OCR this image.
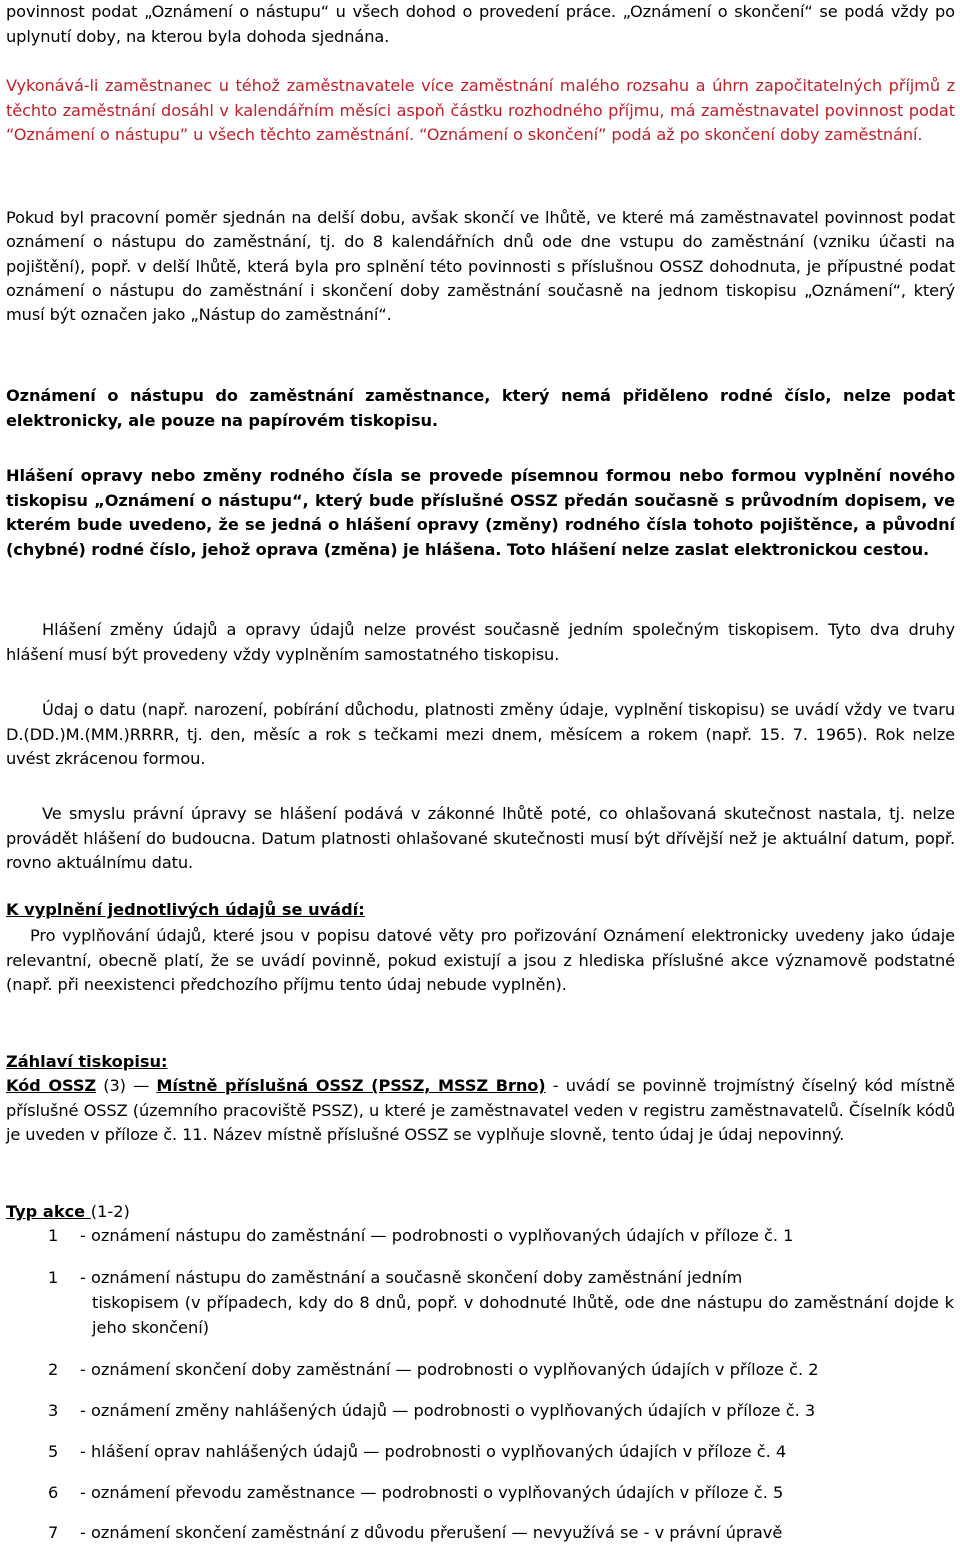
povinnost podat „Oznámení o nástupu“ u všech dohod o provedení práce. „Oznámení o skončení“ se podá vždy po uplynutí doby, na kterou byla dohoda sjednána.

Vykonává-li zaměstnanec u téhož zaměstnavatele více zaměstnání malého rozsahu a úhrn započitatelných příjmů z těchto zaměstnání dosáhl v kalendářním měsíci aspoň částku rozhodného příjmu, má zaměstnavatel povinnost podat “Oznámení o nástupu” u všech těchto zaměstnání. “Oznámení o skončení” podá až po skončení doby zaměstnání.

Pokud byl pracovní poměr sjednán na delší dobu, avšak skončí ve lhůtě, ve které má zaměstnavatel povinnost podat oznámení o nástupu do zaměstnání, tj. do 8 kalendářních dnů ode dne vstupu do zaměstnání (vzniku účasti na pojištění), popř. v delší lhůtě, která byla pro splnění této povinnosti s příslušnou OSSZ dohodnuta, je přípustné podat oznámení o nástupu do zaměstnání i skončení doby zaměstnání současně na jednom tiskopisu „Oznámení“, který musí být označen jako „Nástup do zaměstnání“.

Oznámení o nástupu do zaměstnání zaměstnance, který nemá přiděleno rodné číslo, nelze podat elektronicky, ale pouze na papírovém tiskopisu.

Hlášení opravy nebo změny rodného čísla se provede písemnou formou nebo formou vyplnění nového tiskopisu „Oznámení o nástupu“, který bude příslušné OSSZ předán současně s průvodním dopisem, ve kterém bude uvedeno, že se jedná o hlášení opravy (změny) rodného čísla tohoto pojištěnce, a původní (chybné) rodné číslo, jehož oprava (změna) je hlášena. Toto hlášení nelze zaslat elektronickou cestou.

Hlášení změny údajů a opravy údajů nelze provést současně jedním společným tiskopisem. Tyto dva druhy hlášení musí být provedeny vždy vyplněním samostatného tiskopisu.

Údaj o datu (např. narození, pobírání důchodu, platnosti změny údaje, vyplnění tiskopisu) se uvádí vždy ve tvaru D.(DD.)M.(MM.)RRRR, tj. den, měsíc a rok s tečkami mezi dnem, měsícem a rokem (např. 15. 7. 1965). Rok nelze uvést zkrácenou formou.

Ve smyslu právní úpravy se hlášení podává v zákonné lhůtě poté, co ohlašovaná skutečnost nastala, tj. nelze provádět hlášení do budoucna. Datum platnosti ohlašované skutečnosti musí být dřívější než je aktuální datum, popř. rovno aktuálnímu datu.

K vyplnění jednotlivých údajů se uvádí:

Pro vyplňování údajů, které jsou v popisu datové věty pro pořizování Oznámení elektronicky uvedeny jako údaje relevantní, obecně platí, že se uvádí povinně, pokud existují a jsou z hlediska příslušné akce významově podstatné (např. při neexistenci předchozího příjmu tento údaj nebude vyplněn).

Záhlaví tiskopisu:

Kód OSSZ (3) — Místně příslušná OSSZ (PSSZ, MSSZ Brno) - uvádí se povinně trojmístný číselný kód místně příslušné OSSZ (územního pracoviště PSSZ), u které je zaměstnavatel veden v registru zaměstnavatelů. Číselník kódů je uveden v příloze č. 11. Název místně příslušné OSSZ se vyplňuje slovně, tento údaj je údaj nepovinný.

Typ akce (1-2)
1 - oznámení nástupu do zaměstnání — podrobnosti o vyplňovaných údajích v příloze č. 1
1 - oznámení nástupu do zaměstnání a současně skončení doby zaměstnání jedním
tiskopisem (v případech, kdy do 8 dnů, popř. v dohodnuté lhůtě, ode dne nástupu do zaměstnání dojde k jeho skončení)
2 - oznámení skončení doby zaměstnání — podrobnosti o vyplňovaných údajích v příloze č. 2
3 - oznámení změny nahlášených údajů — podrobnosti o vyplňovaných údajích v příloze č. 3
5 - hlášení oprav nahlášených údajů — podrobnosti o vyplňovaných údajích v příloze č. 4
6 - oznámení převodu zaměstnance — podrobnosti o vyplňovaných údajích v příloze č. 5
7 - oznámení skončení zaměstnání z důvodu přerušení — nevyužívá se - v právní úpravě
